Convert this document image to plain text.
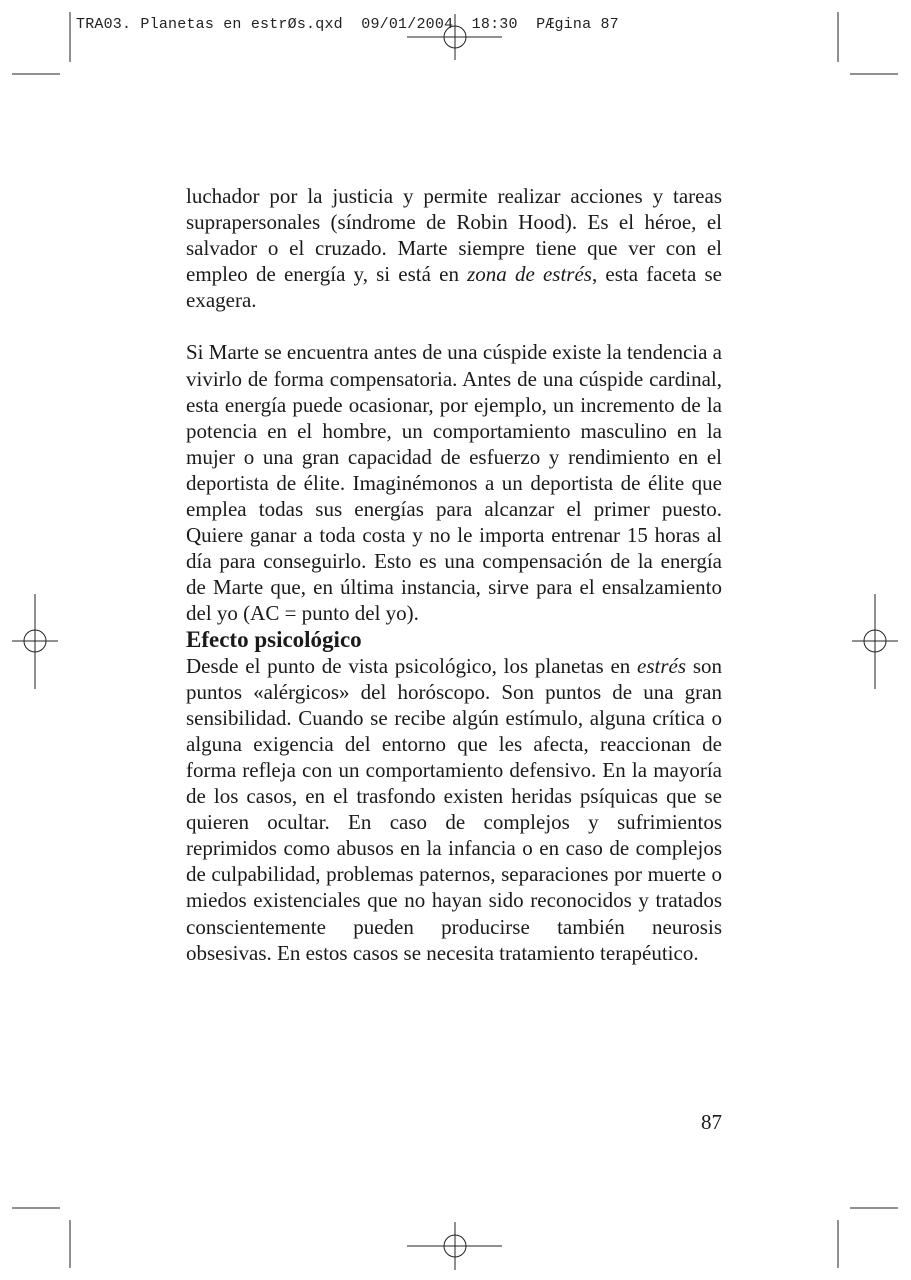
TRA03. Planetas en estrØs.qxd  09/01/2004  18:30  PÆgina 87

luchador por la justicia y permite realizar acciones y tareas suprapersonales (síndrome de Robin Hood). Es el héroe, el salvador o el cruzado. Marte siempre tiene que ver con el empleo de energía y, si está en zona de estrés, esta faceta se exagera.

Si Marte se encuentra antes de una cúspide existe la tendencia a vivirlo de forma compensatoria. Antes de una cúspide cardinal, esta energía puede ocasionar, por ejemplo, un incremento de la potencia en el hombre, un comportamiento masculino en la mujer o una gran capacidad de esfuerzo y rendimiento en el deportista de élite. Imaginémonos a un deportista de élite que emplea todas sus energías para alcanzar el primer puesto. Quiere ganar a toda costa y no le importa entrenar 15 horas al día para conseguirlo. Esto es una compensación de la energía de Marte que, en última instancia, sirve para el ensalzamiento del yo (AC = punto del yo).

Efecto psicológico

Desde el punto de vista psicológico, los planetas en estrés son puntos «alérgicos» del horóscopo. Son puntos de una gran sensibilidad. Cuando se recibe algún estímulo, alguna crítica o alguna exigencia del entorno que les afecta, reaccionan de forma refleja con un comportamiento defensivo. En la mayoría de los casos, en el trasfondo existen heridas psíquicas que se quieren ocultar. En caso de complejos y sufrimientos reprimidos como abusos en la infancia o en caso de complejos de culpabilidad, problemas paternos, separaciones por muerte o miedos existenciales que no hayan sido reconocidos y tratados conscientemente pueden producirse también neurosis obsesivas. En estos casos se necesita tratamiento terapéutico.

87
